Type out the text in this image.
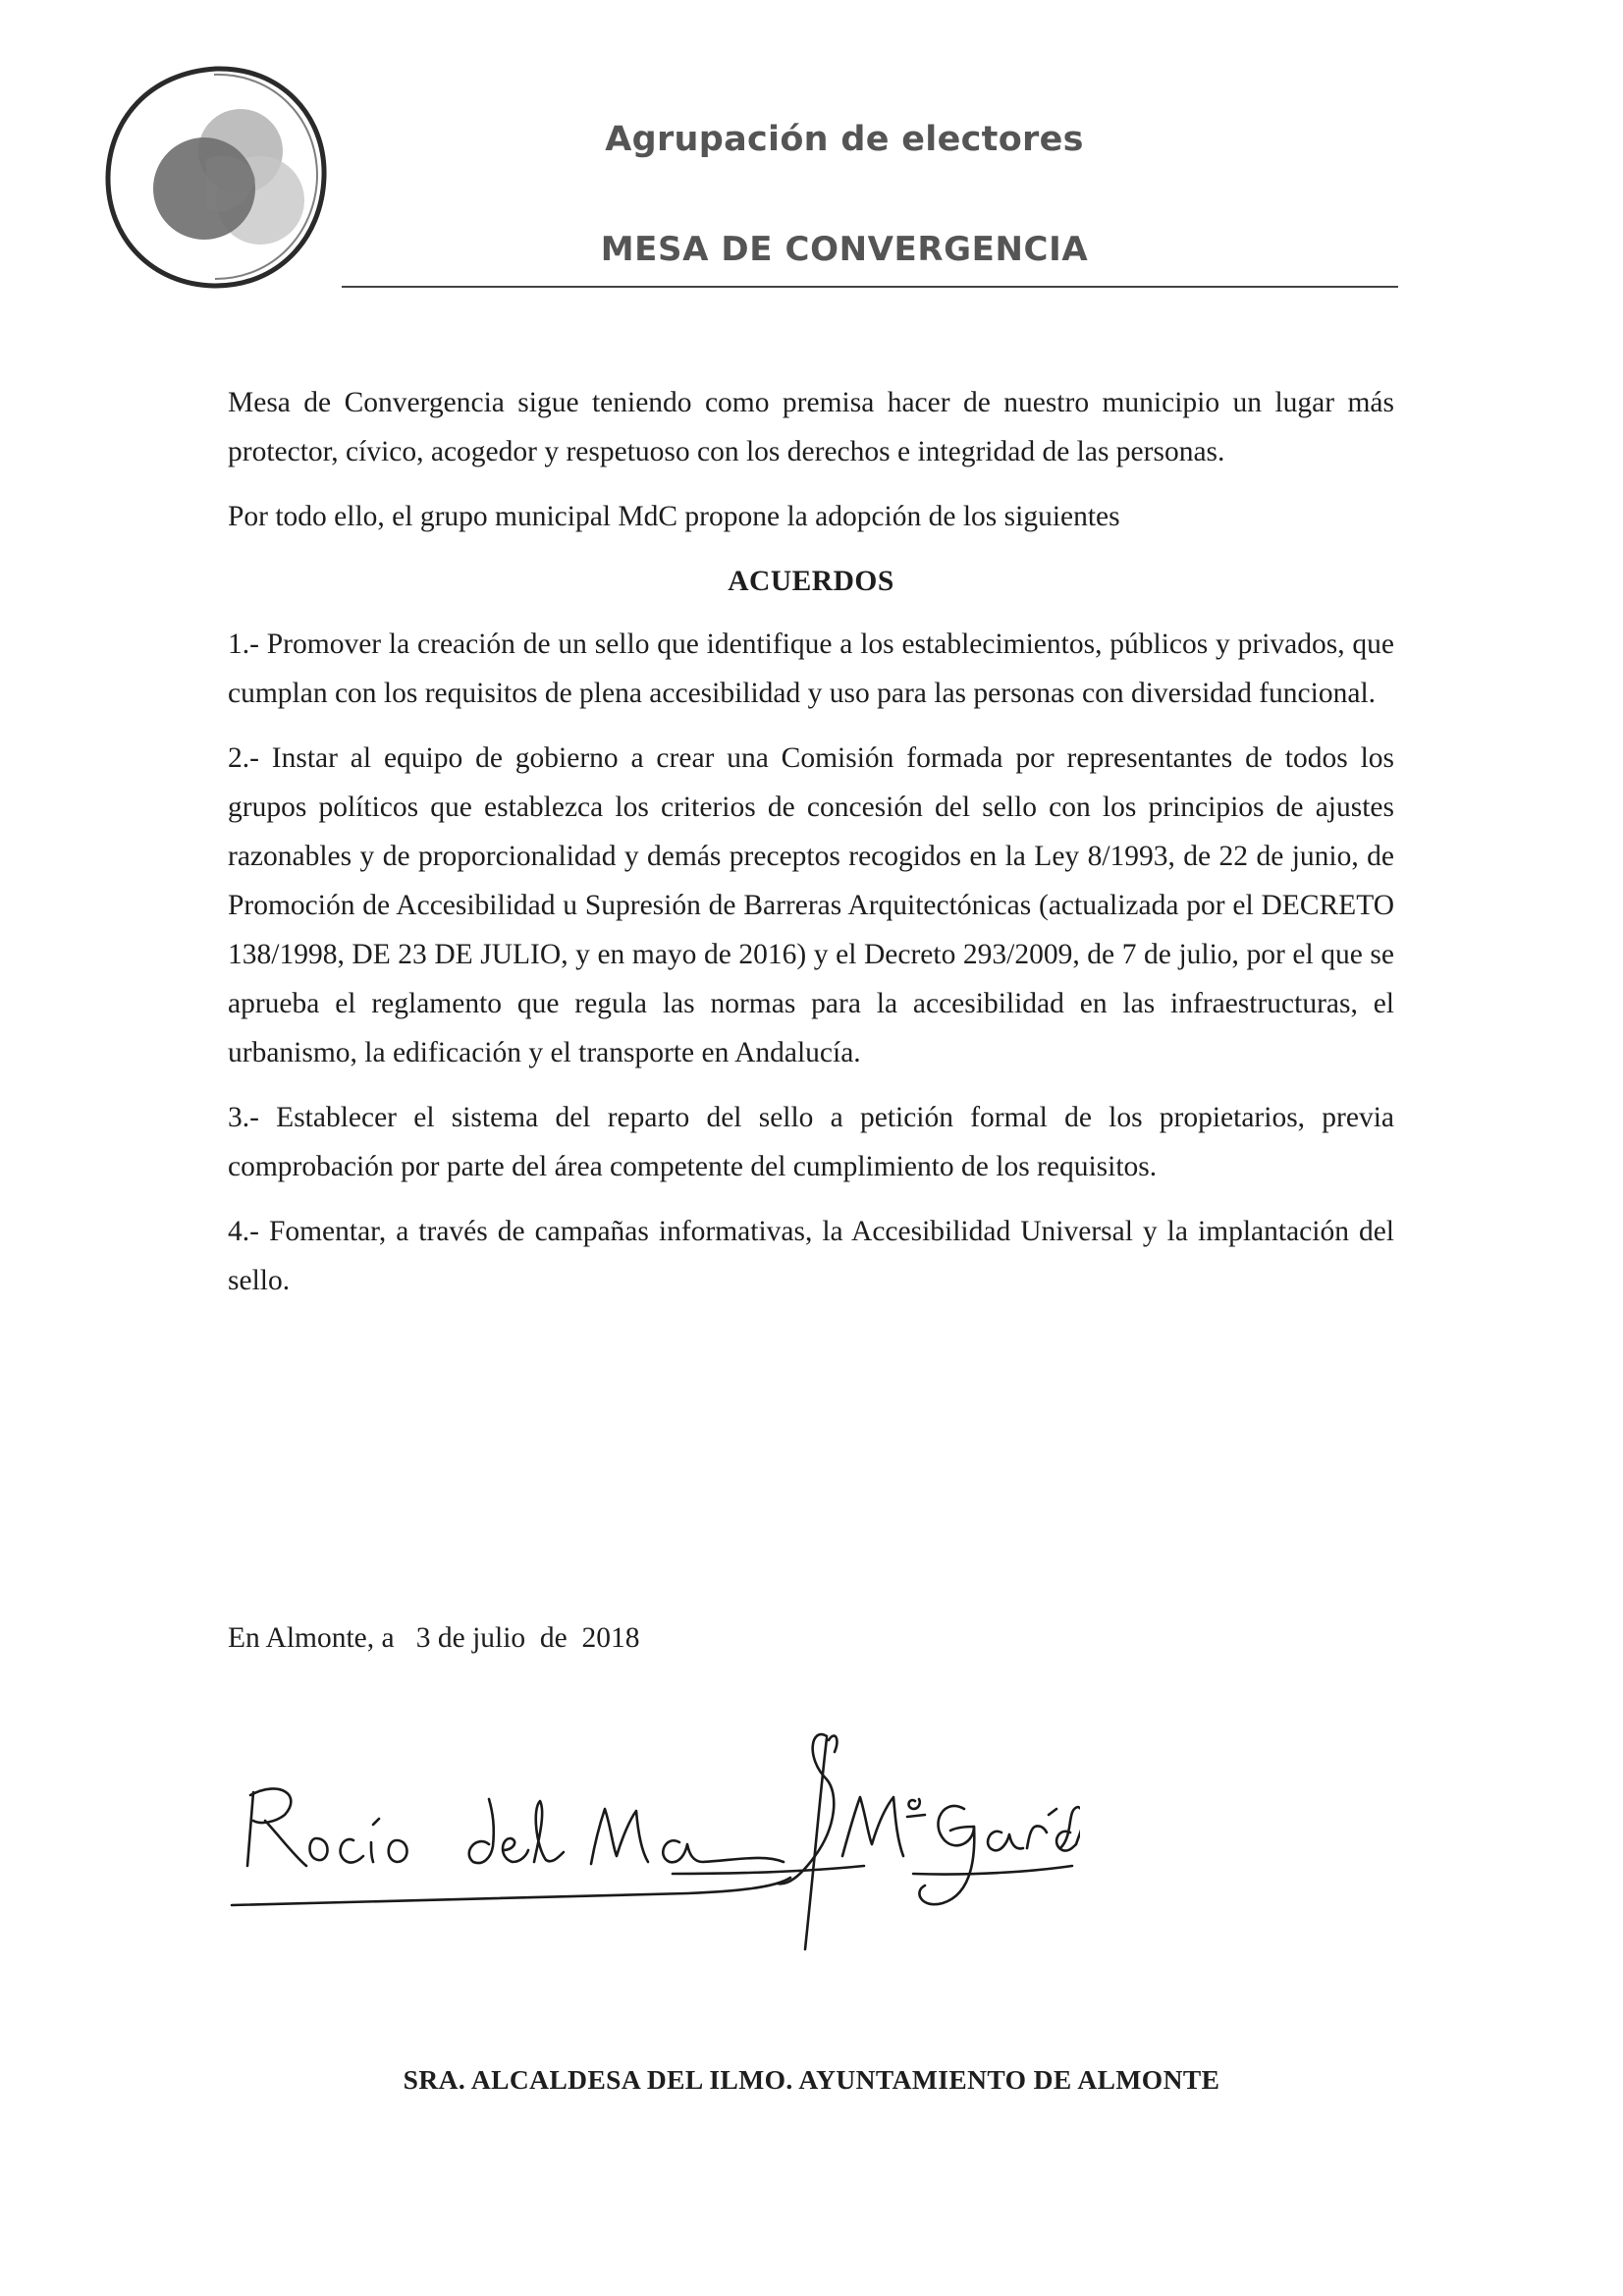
Agrupación de electores
MESA DE CONVERGENCIA

Mesa de Convergencia sigue teniendo como premisa hacer de nuestro municipio un lugar más protector, cívico, acogedor y respetuoso con los derechos e integridad de las personas.

Por todo ello, el grupo municipal MdC propone la adopción de los siguientes

ACUERDOS

1.- Promover la creación de un sello que identifique a los establecimientos, públicos y privados, que cumplan con los requisitos de plena accesibilidad y uso para las personas con diversidad funcional.

2.- Instar al equipo de gobierno a crear una Comisión formada por representantes de todos los grupos políticos que establezca los criterios de concesión del sello con los principios de ajustes razonables y de proporcionalidad y demás preceptos recogidos en la Ley 8/1993, de 22 de junio, de Promoción de Accesibilidad u Supresión de Barreras Arquitectónicas (actualizada por el DECRETO 138/1998, DE 23 DE JULIO, y en mayo de 2016) y el Decreto 293/2009, de 7 de julio, por el que se aprueba el reglamento que regula las normas para la accesibilidad en las infraestructuras, el urbanismo, la edificación y el transporte en Andalucía.

3.- Establecer el sistema del reparto del sello a petición formal de los propietarios, previa comprobación por parte del área competente del cumplimiento de los requisitos.

4.- Fomentar, a través de campañas informativas, la Accesibilidad Universal y la implantación del sello.

En Almonte, a   3 de julio  de  2018
SRA. ALCALDESA DEL ILMO. AYUNTAMIENTO DE ALMONTE
